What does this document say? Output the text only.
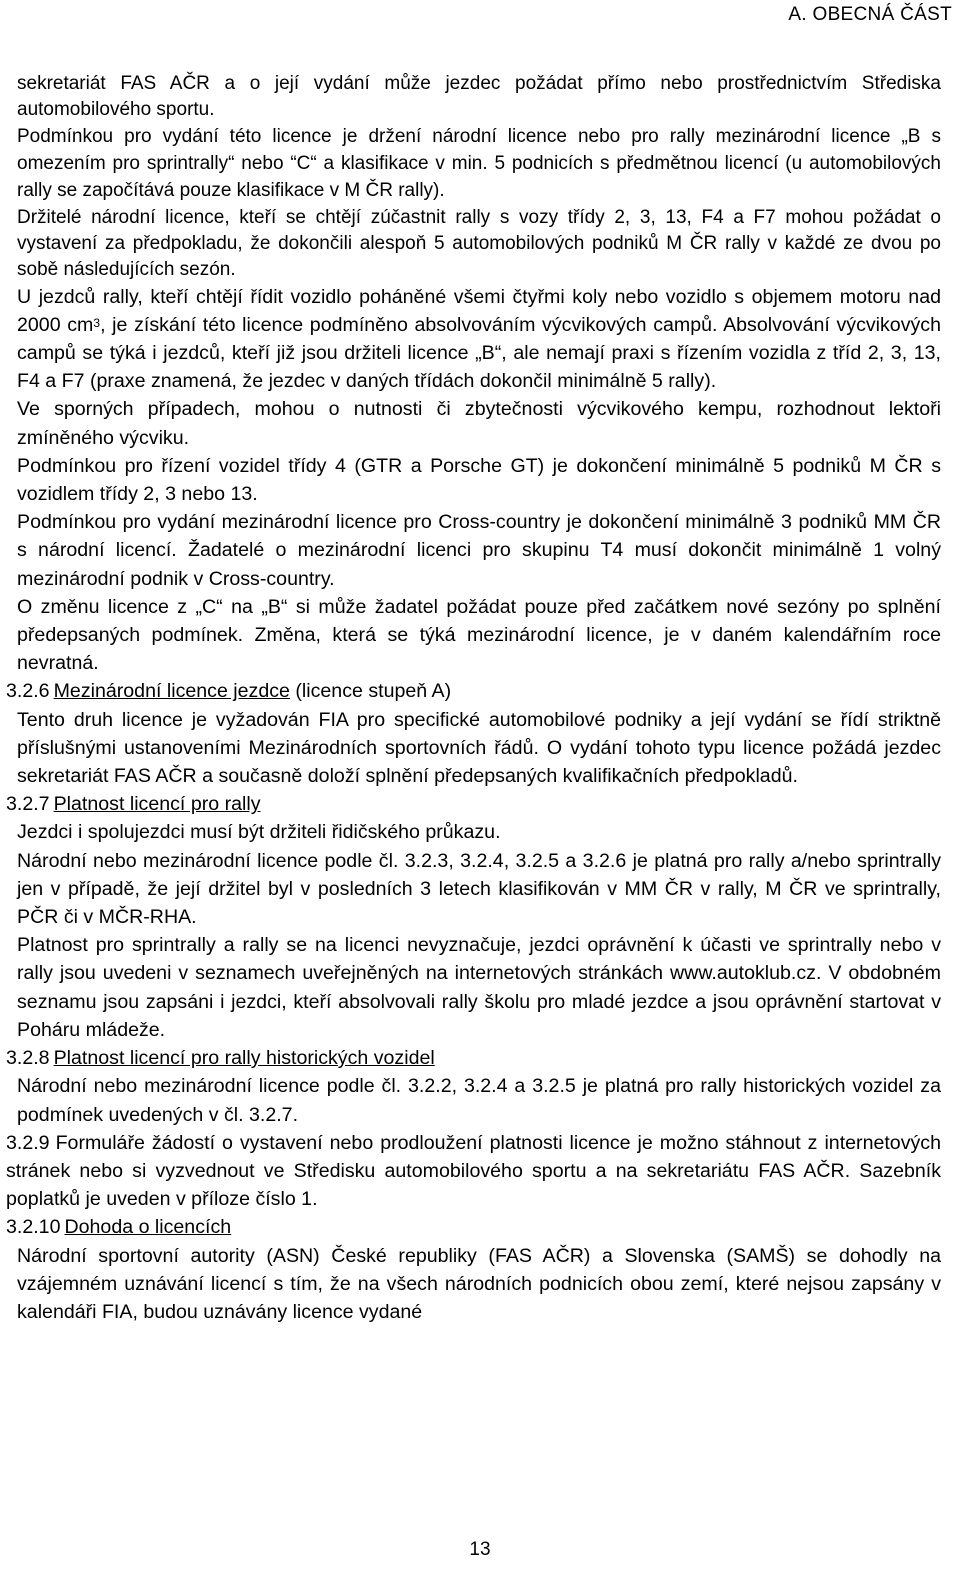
A. OBECNÁ ČÁST

sekretariát FAS AČR a o její vydání může jezdec požádat přímo nebo prostřednictvím Střediska automobilového sportu.

Podmínkou pro vydání této licence je držení národní licence nebo pro rally mezinárodní licence „B s omezením pro sprintrally“ nebo “C“ a klasifikace v min. 5 podnicích s předmětnou licencí (u automobilových rally se započítává pouze klasifikace v M ČR rally).

Držitelé národní licence, kteří se chtějí zúčastnit rally s vozy třídy 2, 3, 13, F4 a F7 mohou požádat o vystavení za předpokladu, že dokončili alespoň 5 automobilových podniků M ČR rally v každé ze dvou po sobě následujících sezón.

U jezdců rally, kteří chtějí řídit vozidlo poháněné všemi čtyřmi koly nebo vozidlo s objemem motoru nad 2000 $cm^3$, je získání této licence podmíněno absolvováním výcvikových campů. Absolvování výcvikových campů se týká i jezdců, kteří již jsou držiteli licence „B“, ale nemají praxi s řízením vozidla z tříd 2, 3, 13, F4 a F7 (praxe znamená, že jezdec v daných třídách dokončil minimálně 5 rally).

Ve sporných případech, mohou o nutnosti či zbytečnosti výcvikového kempu, rozhodnout lektoři zmíněného výcviku.

Podmínkou pro řízení vozidel třídy 4 (GTR a Porsche GT) je dokončení minimálně 5 podniků M ČR s vozidlem třídy 2, 3 nebo 13.

Podmínkou pro vydání mezinárodní licence pro Cross-country je dokončení minimálně 3 podniků MM ČR s národní licencí. Žadatelé o mezinárodní licenci pro skupinu T4 musí dokončit minimálně 1 volný mezinárodní podnik v Cross-country.

O změnu licence z „C“ na „B“ si může žadatel požádat pouze před začátkem nové sezóny po splnění předepsaných podmínek. Změna, která se týká mezinárodní licence, je v daném kalendářním roce nevratná.

3.2.6 Mezinárodní licence jezdce (licence stupeň A)

Tento druh licence je vyžadován FIA pro specifické automobilové podniky a její vydání se řídí striktně příslušnými ustanoveními Mezinárodních sportovních řádů. O vydání tohoto typu licence požádá jezdec sekretariát FAS AČR a současně doloží splnění předepsaných kvalifikačních předpokladů.

3.2.7 Platnost licencí pro rally

Jezdci i spolujezdci musí být držiteli řidičského průkazu.

Národní nebo mezinárodní licence podle čl. 3.2.3, 3.2.4, 3.2.5 a 3.2.6 je platná pro rally a/nebo sprintrally jen v případě, že její držitel byl v posledních 3 letech klasifikován v MM ČR v rally, M ČR ve sprintrally, PČR či v MČR-RHA.

Platnost pro sprintrally a rally se na licenci nevyznačuje, jezdci oprávnění k účasti ve sprintrally nebo v rally jsou uvedeni v seznamech uveřejněných na internetových stránkách www.autoklub.cz. V obdobném seznamu jsou zapsáni i jezdci, kteří absolvovali rally školu pro mladé jezdce a jsou oprávnění startovat v Poháru mládeže.

3.2.8 Platnost licencí pro rally historických vozidel

Národní nebo mezinárodní licence podle čl. 3.2.2, 3.2.4 a 3.2.5 je platná pro rally historických vozidel za podmínek uvedených v čl. 3.2.7.

3.2.9 Formuláře žádostí o vystavení nebo prodloužení platnosti licence je možno stáhnout z internetových stránek nebo si vyzvednout ve Středisku automobilového sportu a na sekretariátu FAS AČR. Sazebník poplatků je uveden v příloze číslo 1.

3.2.10 Dohoda o licencích

Národní sportovní autority (ASN) České republiky (FAS AČR) a Slovenska (SAMŠ) se dohodly na vzájemném uznávání licencí s tím, že na všech národních podnicích obou zemí, které nejsou zapsány v kalendáři FIA, budou uznávány licence vydané

13
